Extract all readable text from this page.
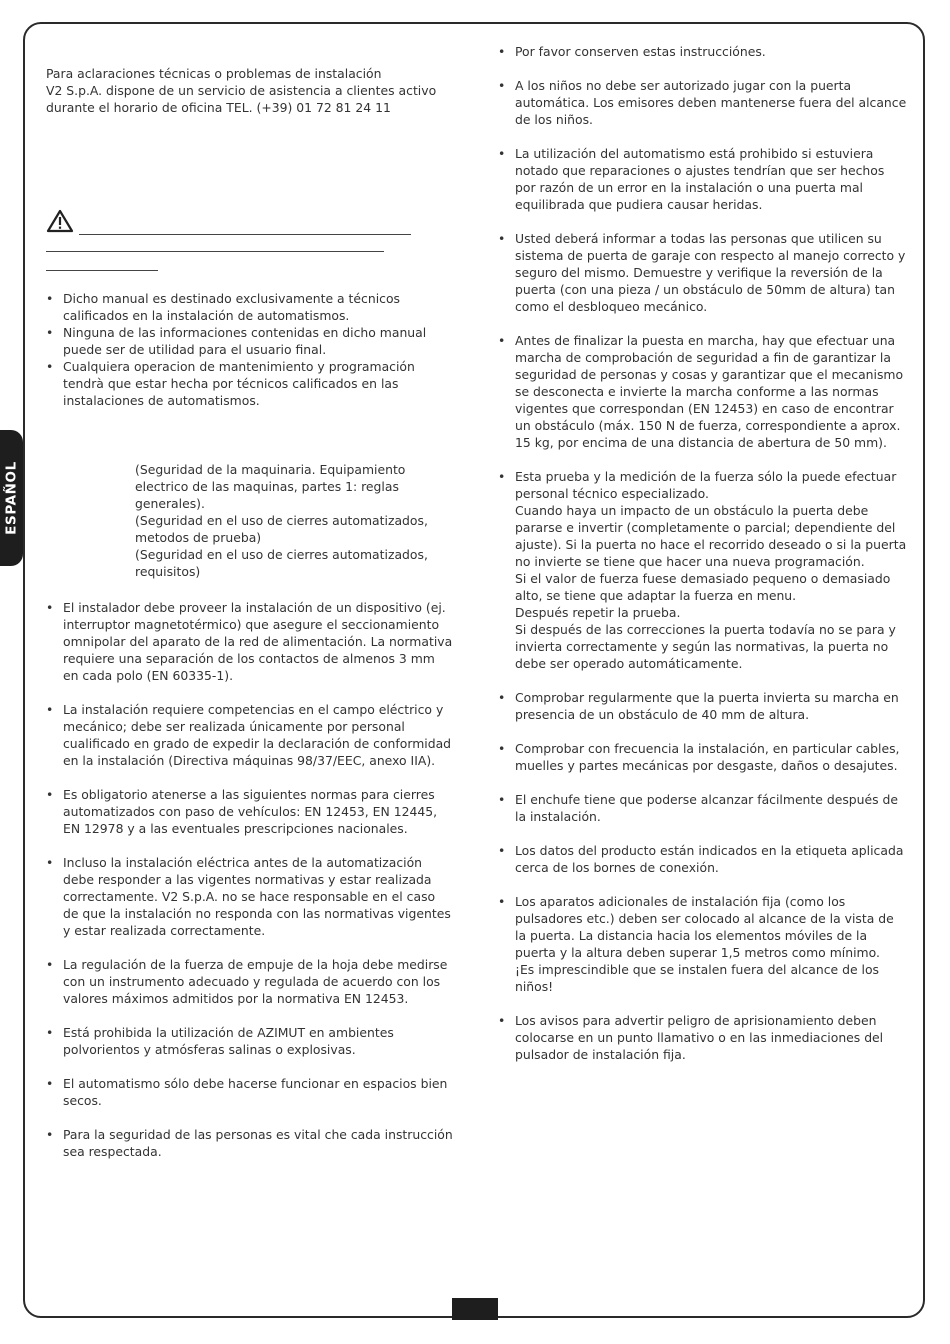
ESPAÑOL

Para aclaraciones técnicas o problemas de instalación

V2 S.p.A. dispone de un servicio de asistencia a clientes activo

durante el horario de oficina TEL. (+39) 01 72 81 24 11

• Dicho manual es destinado exclusivamente a técnicos calificados en la instalación de automatismos.
• Ninguna de las informaciones contenidas en dicho manual puede ser de utilidad para el usuario final.
• Cualquiera operacion de mantenimiento y programación tendrà que estar hecha por técnicos calificados en las instalaciones de automatismos.

(Seguridad de la maquinaria. Equipamiento electrico de las maquinas, partes 1: reglas generales).

(Seguridad en el uso de cierres automatizados, metodos de prueba)

(Seguridad en el uso de cierres automatizados, requisitos)

• El instalador debe proveer la instalación de un dispositivo (ej. interruptor magnetotérmico) que asegure el seccionamiento omnipolar del aparato de la red de alimentación. La normativa requiere una separación de los contactos de almenos 3 mm en cada polo (EN 60335-1).
• La instalación requiere competencias en el campo eléctrico y mecánico; debe ser realizada únicamente por personal cualificado en grado de expedir la declaración de conformidad en la instalación (Directiva máquinas 98/37/EEC, anexo IIA).
• Es obligatorio atenerse a las siguientes normas para cierres automatizados con paso de vehículos: EN 12453, EN 12445, EN 12978 y a las eventuales prescripciones nacionales.
• Incluso la instalación eléctrica antes de la automatización debe responder a las vigentes normativas y estar realizada correctamente. V2 S.p.A. no se hace responsable en el caso de que la instalación no responda con las normativas vigentes y estar realizada correctamente.
• La regulación de la fuerza de empuje de la hoja debe medirse con un instrumento adecuado y regulada de acuerdo con los valores máximos admitidos por la normativa EN 12453.
• Está prohibida la utilización de AZIMUT en ambientes polvorientos y atmósferas salinas o explosivas.
• El automatismo sólo debe hacerse funcionar en espacios bien secos.
• Para la seguridad de las personas es vital che cada instrucción sea respectada.
• Por favor conserven estas instrucciónes.
• A los niños no debe ser autorizado jugar con la puerta automática. Los emisores deben mantenerse fuera del alcance de los niños.
• La utilización del automatismo está prohibido si estuviera notado que reparaciones o ajustes tendrían que ser hechos por razón de un error en la instalación o una puerta mal equilibrada que pudiera causar heridas.
• Usted deberá informar a todas las personas que utilicen su sistema de puerta de garaje con respecto al manejo correcto y seguro del mismo. Demuestre y verifique la reversión de la puerta (con una pieza / un obstáculo de 50mm de altura) tan como el desbloqueo mecánico.
• Antes de finalizar la puesta en marcha, hay que efectuar una marcha de comprobación de seguridad a fin de garantizar la seguridad de personas y cosas y garantizar que el mecanismo se desconecta e invierte la marcha conforme a las normas vigentes que correspondan (EN 12453) en caso de encontrar un obstáculo (máx. 150 N de fuerza, correspondiente a aprox. 15 kg, por encima de una distancia de abertura de 50 mm).

• Esta prueba y la medición de la fuerza sólo la puede efectuar personal técnico especializado.

Cuando haya un impacto de un obstáculo la puerta debe pararse e invertir (completamente o parcial; dependiente del ajuste). Si la puerta no hace el recorrido deseado o si la puerta no invierte se tiene que hacer una nueva programación.

Si el valor de fuerza fuese demasiado pequeno o demasiado alto, se tiene que adaptar la fuerza en menu.

Después repetir la prueba.

Si después de las correcciones la puerta todavía no se para y invierta correctamente y según las normativas, la puerta no debe ser operado automáticamente.

• Comprobar regularmente que la puerta invierta su marcha en presencia de un obstáculo de 40 mm de altura.
• Comprobar con frecuencia la instalación, en particular cables, muelles y partes mecánicas por desgaste, daños o desajutes.
• El enchufe tiene que poderse alcanzar fácilmente después de la instalación.
• Los datos del producto están indicados en la etiqueta aplicada cerca de los bornes de conexión.

• Los aparatos adicionales de instalación fija (como los pulsadores etc.) deben ser colocado al alcance de la vista de la puerta. La distancia hacia los elementos móviles de la puerta y la altura deben superar 1,5 metros como mínimo.

¡Es imprescindible que se instalen fuera del alcance de los niños!

• Los avisos para advertir peligro de aprisionamiento deben colocarse en un punto llamativo o en las inmediaciones del pulsador de instalación fija.
